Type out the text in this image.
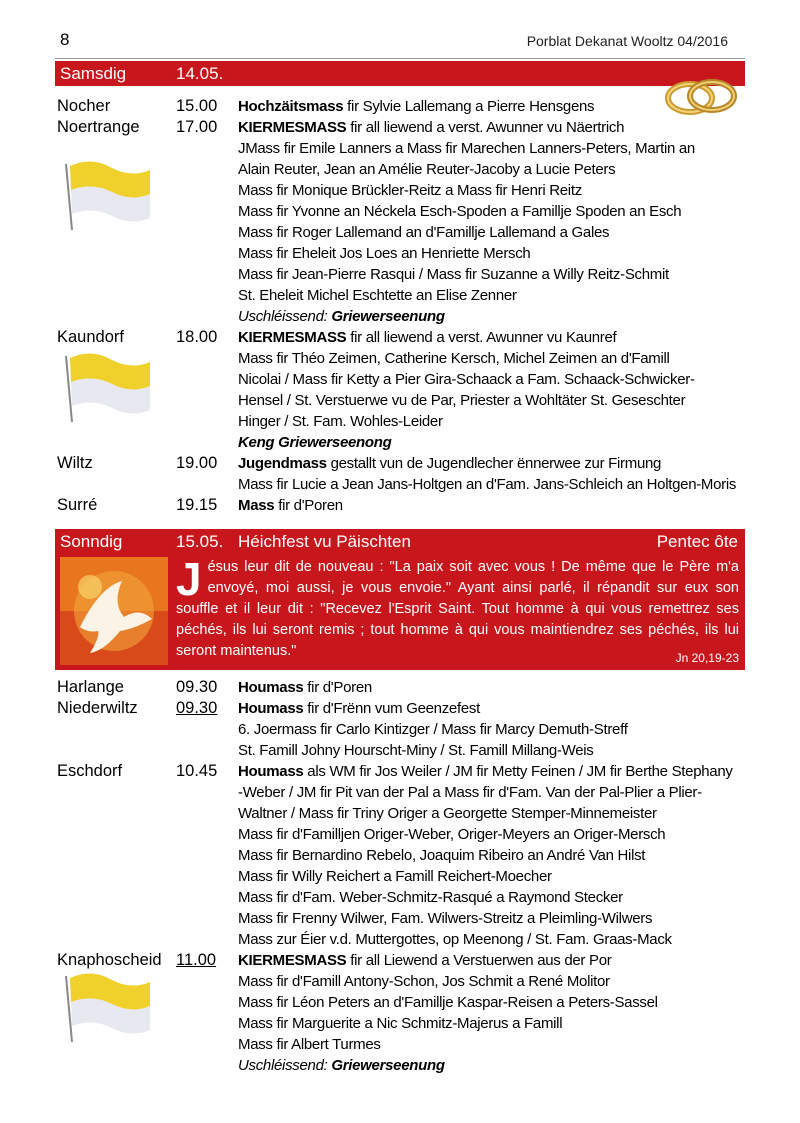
8	Porblat Dekanat Wooltz 04/2016
Samsdig	14.05.
Nocher	15.00 Hochzäitsmass fir Sylvie Lallemang a Pierre Hensgens
Noertrange 17.00 KIERMESMASS fir all liewend a verst. Awunner vu Näertrich
JMass fir Emile Lanners a Mass fir Marechen Lanners-Peters, Martin an
Alain Reuter, Jean an Amélie Reuter-Jacoby a Lucie Peters
Mass fir Monique Brückler-Reitz a Mass fir Henri Reitz
Mass fir Yvonne an Néckela Esch-Spoden a Famillje Spoden an Esch
Mass fir Roger Lallemand an d'Famillje Lallemand a Gales
Mass fir Eheleit Jos Loes an Henriette Mersch
Mass fir Jean-Pierre Rasqui / Mass fir Suzanne a Willy Reitz-Schmit
St. Eheleit Michel Eschtette an Elise Zenner
Uschléissend: Griewerseenung
Kaundorf	18.00 KIERMESMASS fir all liewend a verst. Awunner vu Kaunref
Mass fir Théo Zeimen, Catherine Kersch, Michel Zeimen an d'Famill
Nicolai / Mass fir Ketty a Pier Gira-Schaack a Fam. Schaack-Schwicker-
Hensel / St. Verstuerwe vu de Par, Priester a Wohltäter St. Geseschter
Hinger / St. Fam. Wohles-Leider
Keng Griewerseenong
Wiltz	19.00 Jugendmass gestallt vun de Jugendlecher ënnerwee zur Firmung
Mass fir Lucie a Jean Jans-Holtgen an d'Fam. Jans-Schleich an Holtgen-Moris
Surré	19.15 Mass fir d'Poren
Sonndig	15.05. Héichfest vu Päischten	Pentec ôte
Jésus leur dit de nouveau : "La paix soit avec vous ! De même que le Père m'a envoyé, moi aussi, je vous envoie." Ayant ainsi parlé, il répandit sur eux son souffle et il leur dit : "Recevez l'Esprit Saint. Tout homme à qui vous remettrez ses péchés, ils lui seront remis ; tout homme à qui vous maintiendrez ses péchés, ils lui seront maintenus."	Jn 20,19-23
Harlange	09.30 Houmass fir d'Poren
Niederwiltz 09.30 Houmass fir d'Frënn vum Geenzefest
6. Joermass fir Carlo Kintizger / Mass fir Marcy Demuth-Streff
St. Famill Johny Hourscht-Miny / St. Famill Millang-Weis
Eschdorf	10.45 Houmass als WM fir Jos Weiler / JM fir Metty Feinen / JM fir Berthe Stephany
-Weber / JM fir Pit van der Pal a Mass fir d'Fam. Van der Pal-Plier a Plier-
Waltner / Mass fir Triny Origer a Georgette Stemper-Minnemeister
Mass fir d'Familljen Origer-Weber, Origer-Meyers an Origer-Mersch
Mass fir Bernardino Rebelo, Joaquim Ribeiro an André Van Hilst
Mass fir Willy Reichert a Famill Reichert-Moecher
Mass fir d'Fam. Weber-Schmitz-Rasqué a Raymond Stecker
Mass fir Frenny Wilwer, Fam. Wilwers-Streitz a Pleimling-Wilwers
Mass zur Éier v.d. Muttergottes, op Meenong / St. Fam. Graas-Mack
Knaphoscheid 11.00 KIERMESMASS fir all Liewend a Verstuerwen aus der Por
Mass fir d'Famill Antony-Schon, Jos Schmit a René Molitor
Mass fir Léon Peters an d'Famillje Kaspar-Reisen a Peters-Sassel
Mass fir Marguerite a Nic Schmitz-Majerus a Famill
Mass fir Albert Turmes
Uschléissend: Griewerseenung
